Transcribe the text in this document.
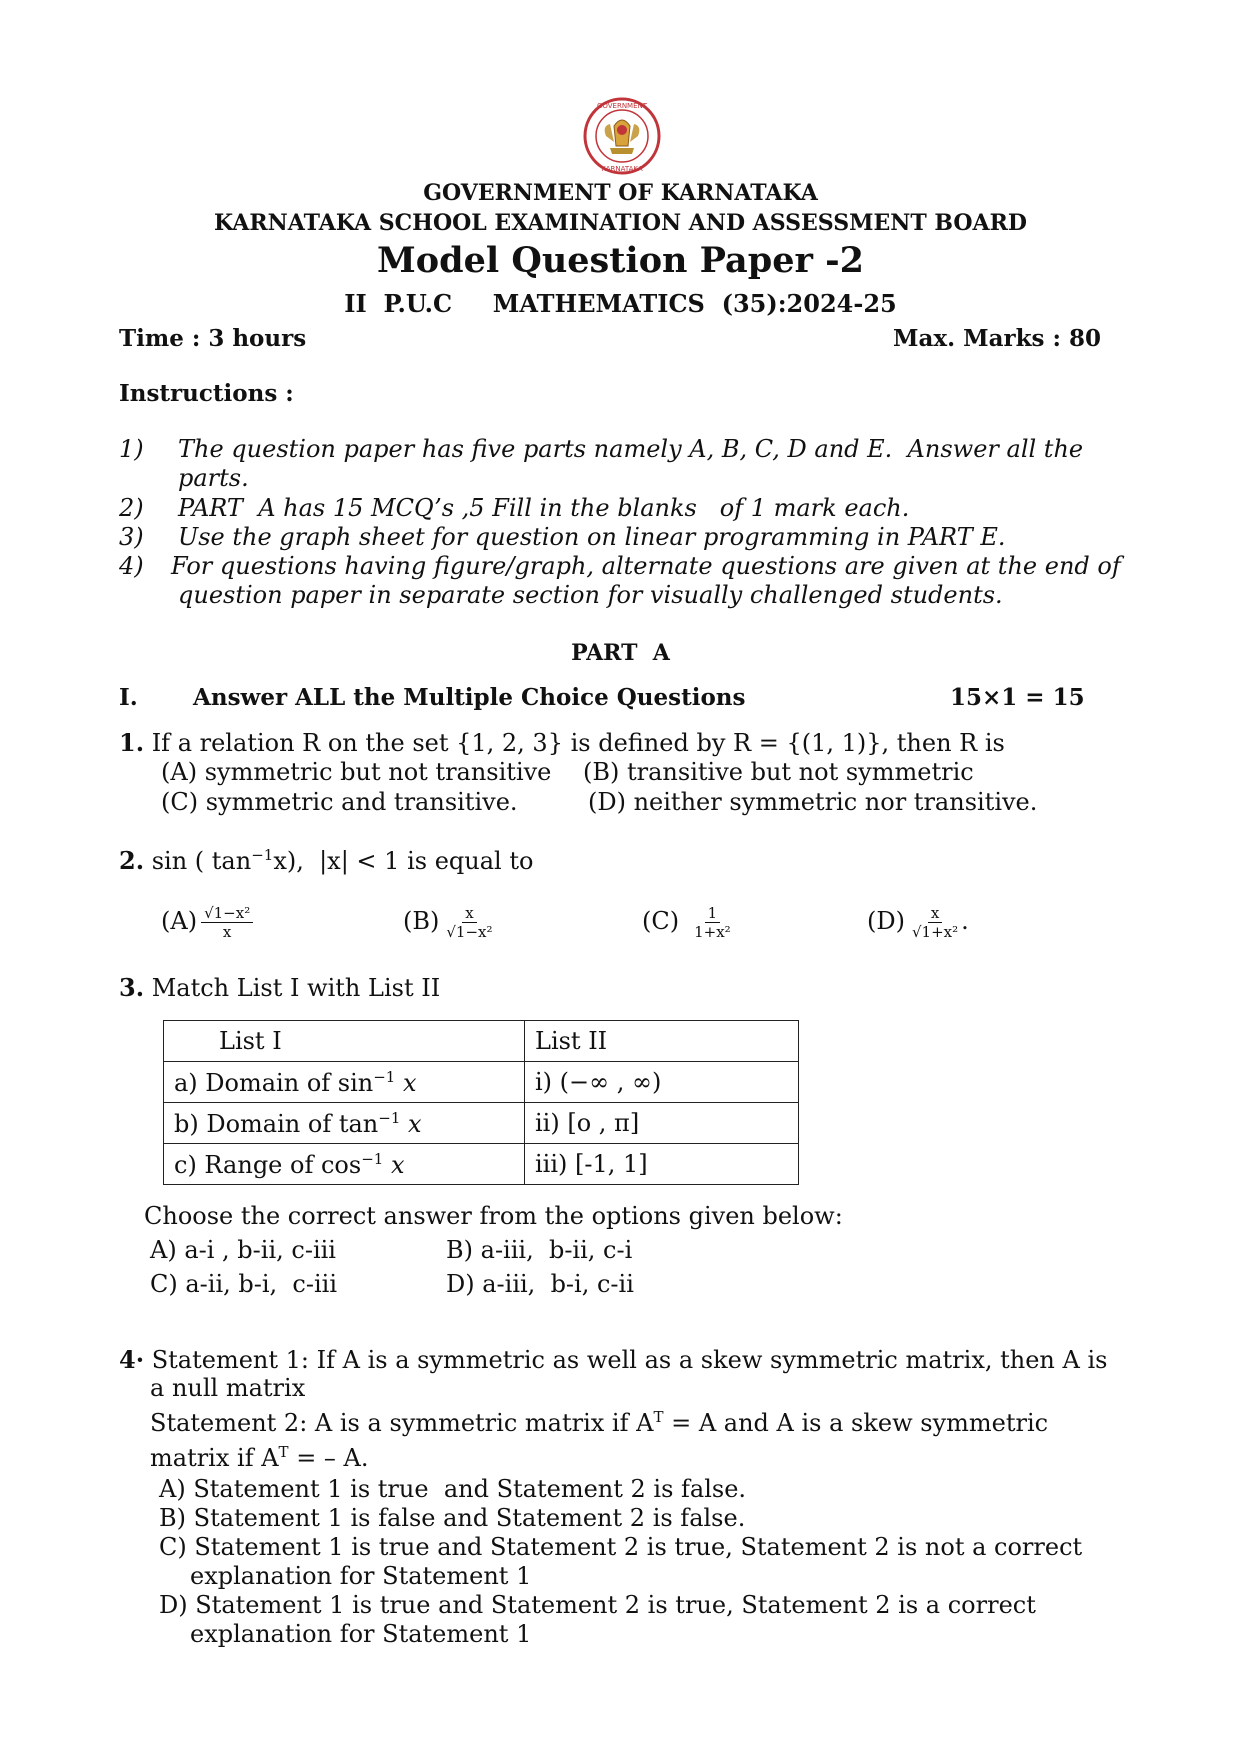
GOVERNMENT
KARNATAKA
GOVERNMENT OF KARNATAKA
KARNATAKA SCHOOL EXAMINATION AND ASSESSMENT BOARD
Model Question Paper -2
II  P.U.C MATHEMATICS  (35):2024-25
Time : 3 hours	Max. Marks : 80
Instructions :
1) The question paper has five parts namely A, B, C, D and E.  Answer all the
parts.
2) PART  A has 15 MCQ’s ,5 Fill in the blanks   of 1 mark each.
3) Use the graph sheet for question on linear programming in PART E.
4) For questions having figure/graph, alternate questions are given at the end of
question paper in separate section for visually challenged students.
PART  A
I. Answer ALL the Multiple Choice Questions	15×1 = 15
1. If a relation R on the set {1, 2, 3} is defined by R = {(1, 1)}, then R is
(A) symmetric but not transitive (B) transitive but not symmetric
(C) symmetric and transitive.	(D) neither symmetric nor transitive.
2. sin ( $\tan^{-1}x$),  |x| < 1 is equal to
$(A) \frac{\text{√1−x²}}{x}$	$(B) \frac{x}{\text{√1−x²}}$	$(C) \frac{1}{\text{1+x²}}$	$(D) \frac{x}{\text{√1+x²}}$ .
3. Match List I with List II
List I	List II
a) Domain of $\sin^{-1} x$	i) (−∞ , ∞)
b) Domain of $\tan^{-1} x$	ii) [o , π]
c) Range of $\cos^{-1} x$	iii) [-1, 1]
Choose the correct answer from the options given below:
A) a-i , b-ii, c-iii	B) a-iii,  b-ii, c-i
C) a-ii, b-i,  c-iii	D) a-iii,  b-i, c-ii
4· Statement 1: If A is a symmetric as well as a skew symmetric matrix, then A is
a null matrix
Statement 2: A is a symmetric matrix if $A^T = A$ and A is a skew symmetric
matrix if $A^T$ = – A.
A) Statement 1 is true  and Statement 2 is false.
B) Statement 1 is false and Statement 2 is false.
C) Statement 1 is true and Statement 2 is true, Statement 2 is not a correct
explanation for Statement 1
D) Statement 1 is true and Statement 2 is true, Statement 2 is a correct
explanation for Statement 1
